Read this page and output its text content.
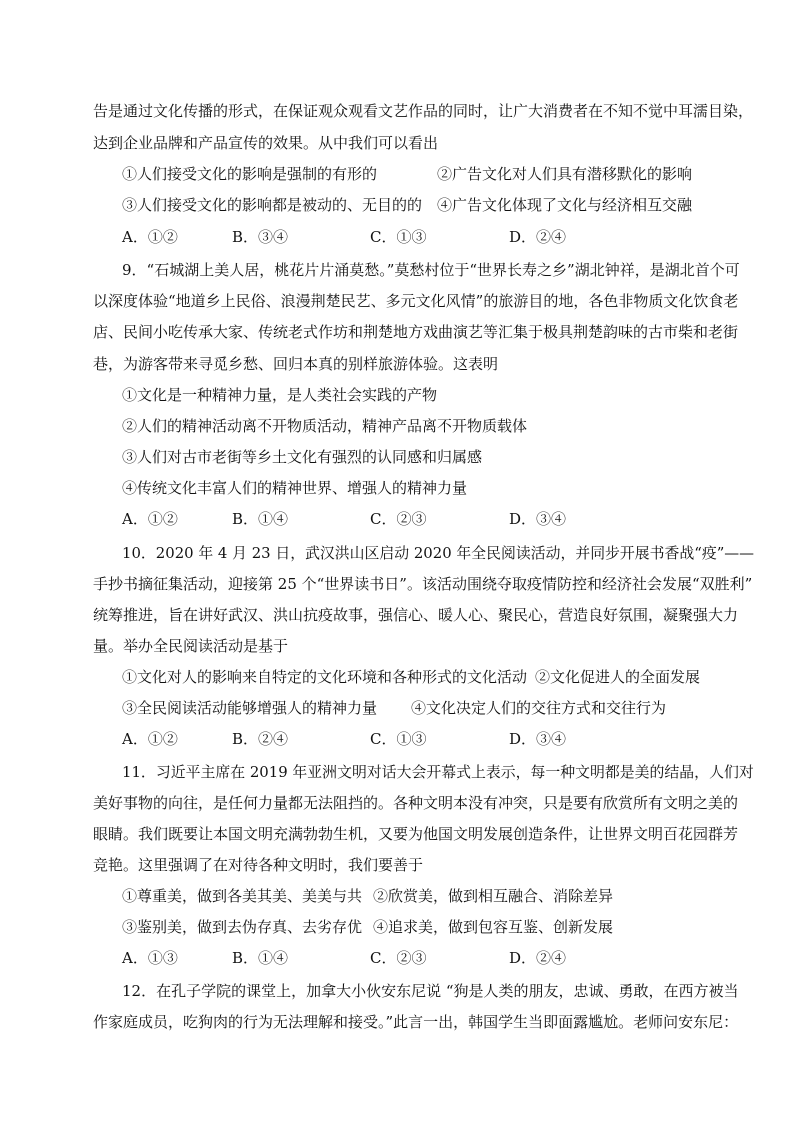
告是通过文化传播的形式，在保证观众观看文艺作品的同时，让广大消费者在不知不觉中耳濡目染，
达到企业品牌和产品宣传的效果。从中我们可以看出
①人们接受文化的影响是强制的有形的	②广告文化对人们具有潜移默化的影响
③人们接受文化的影响都是被动的、无目的的 ④广告文化体现了文化与经济相互交融
A．①②	B．③④	C．①③	D．②④
9．“石城湖上美人居，桃花片片涌莫愁。”莫愁村位于“世界长寿之乡”湖北钟祥，是湖北首个可
以深度体验“地道乡上民俗、浪漫荆楚民艺、多元文化风情”的旅游目的地，各色非物质文化饮食老
店、民间小吃传承大家、传统老式作坊和荆楚地方戏曲演艺等汇集于极具荆楚韵味的古市柴和老街
巷，为游客带来寻觅乡愁、回归本真的别样旅游体验。这表明
①文化是一种精神力量，是人类社会实践的产物
②人们的精神活动离不开物质活动，精神产品离不开物质载体
③人们对古市老街等乡土文化有强烈的认同感和归属感
④传统文化丰富人们的精神世界、增强人的精神力量
A．①②	B．①④	C．②③	D．③④
10．2020 年 4 月 23 日，武汉洪山区启动 2020 年全民阅读活动，并同步开展书香战“疫”——
手抄书摘征集活动，迎接第 25 个“世界读书日”。该活动围绕夺取疫情防控和经济社会发展“双胜利”
统筹推进，旨在讲好武汉、洪山抗疫故事，强信心、暖人心、聚民心，营造良好氛围，凝聚强大力
量。举办全民阅读活动是基于
①文化对人的影响来自特定的文化环境和各种形式的文化活动 ②文化促进人的全面发展
③全民阅读活动能够增强人的精神力量 ④文化决定人们的交往方式和交往行为
A．①②	B．②④	C．①③	D．③④
11．习近平主席在 2019 年亚洲文明对话大会开幕式上表示，每一种文明都是美的结晶，人们对
美好事物的向往，是任何力量都无法阻挡的。各种文明本没有冲突，只是要有欣赏所有文明之美的
眼睛。我们既要让本国文明充满勃勃生机，又要为他国文明发展创造条件，让世界文明百花园群芳
竞艳。这里强调了在对待各种文明时，我们要善于
①尊重美，做到各美其美、美美与共 ②欣赏美，做到相互融合、消除差异
③鉴别美，做到去伪存真、去劣存优 ④追求美，做到包容互鉴、创新发展
A．①③	B．①④	C．②③	D．②④
12．在孔子学院的课堂上，加拿大小伙安东尼说 “狗是人类的朋友，忠诚、勇敢，在西方被当
作家庭成员，吃狗肉的行为无法理解和接受。”此言一出，韩国学生当即面露尴尬。老师问安东尼：
